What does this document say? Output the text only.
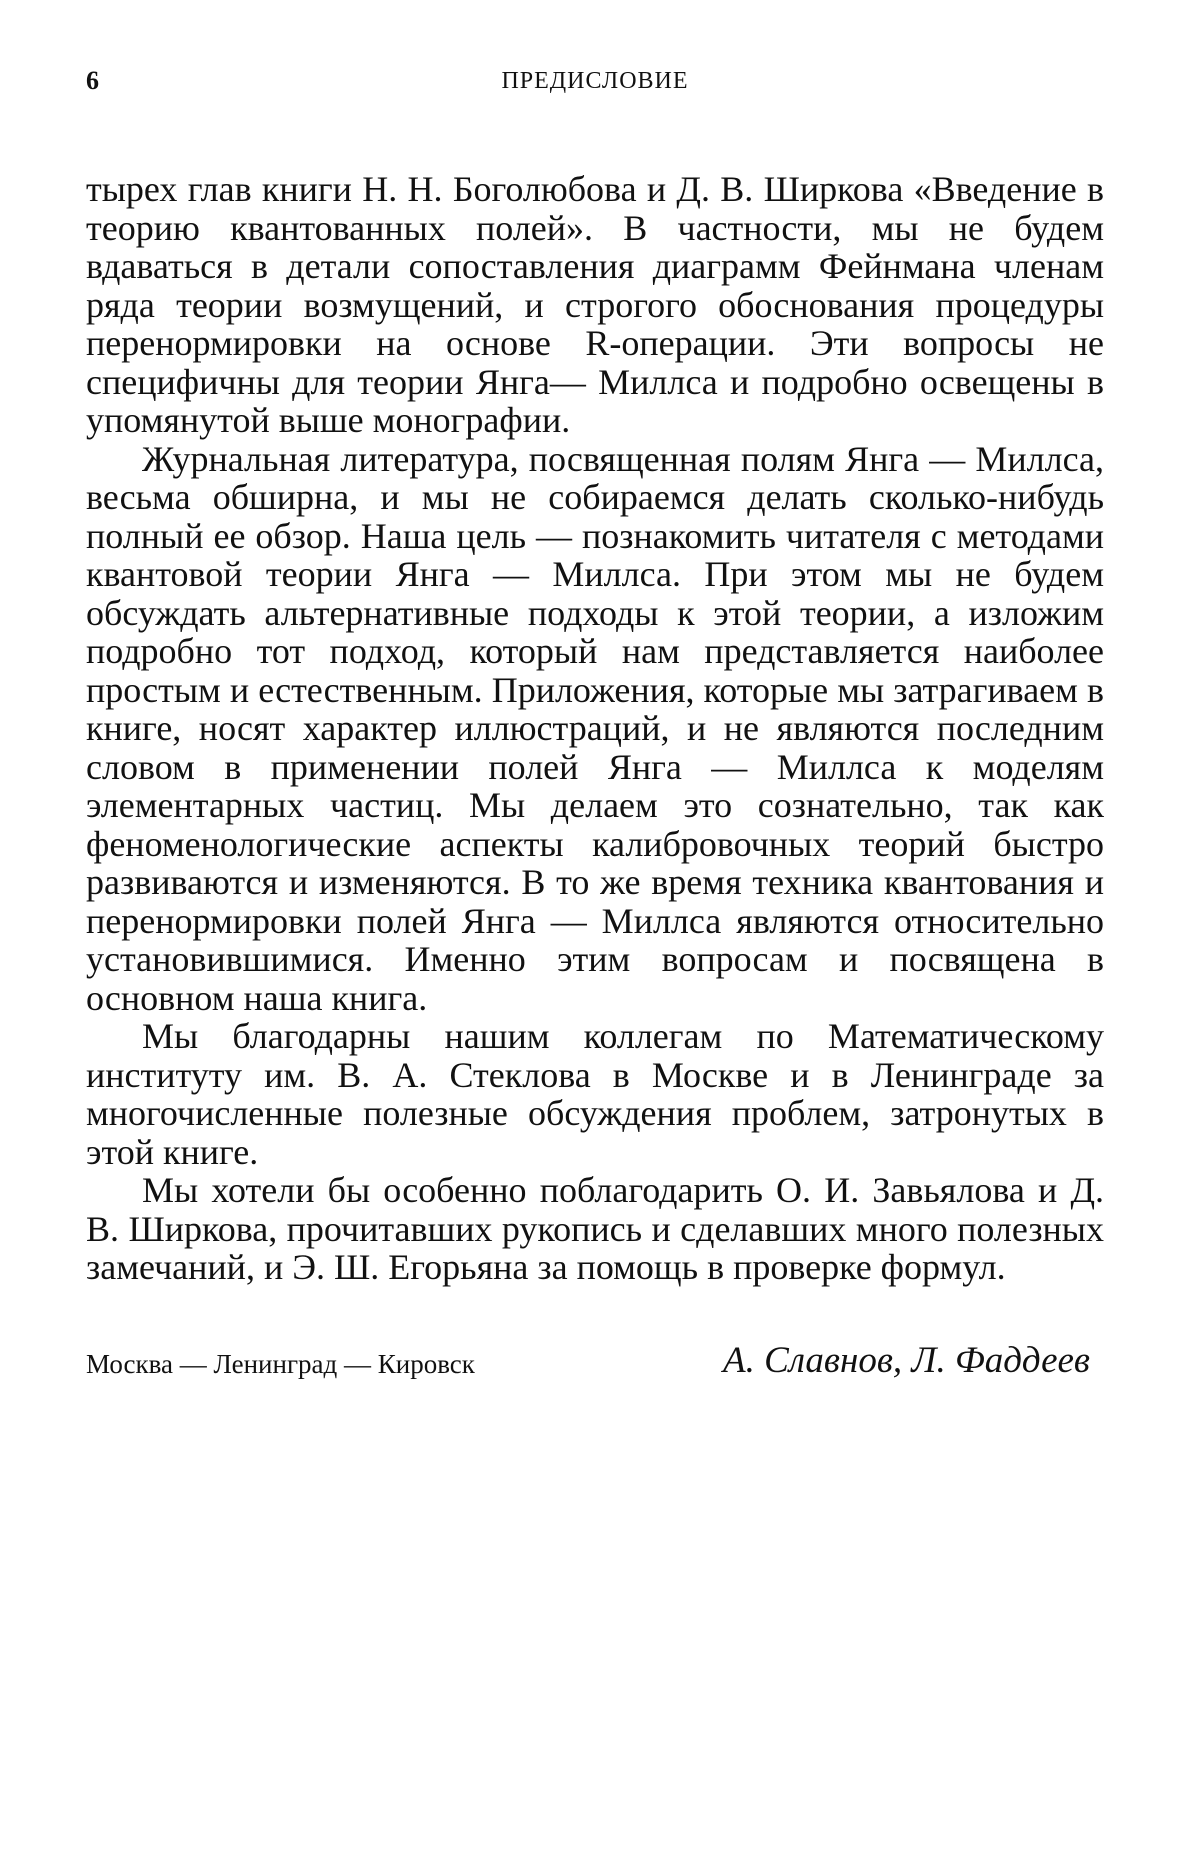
6	ПРЕДИСЛОВИЕ

тырех глав книги Н. Н. Боголюбова и Д. В. Ширкова «Введение в теорию квантованных полей». В частности, мы не будем вдаваться в детали сопоставления диаграмм Фейнмана членам ряда теории возмущений, и строгого обоснования процедуры перенормировки на основе R-операции. Эти вопросы не специфичны для теории Янга— Миллса и подробно освещены в упомянутой выше монографии.

Журнальная литература, посвященная полям Янга — Миллса, весьма обширна, и мы не собираемся делать сколько-нибудь полный ее обзор. Наша цель — познакомить читателя с методами квантовой теории Янга — Миллса. При этом мы не будем обсуждать альтернативные подходы к этой теории, а изложим подробно тот подход, который нам представляется наиболее простым и естественным. Приложения, которые мы затрагиваем в книге, носят характер иллюстраций, и не являются последним словом в применении полей Янга — Миллса к моделям элементарных частиц. Мы делаем это сознательно, так как феноменологические аспекты калибровочных теорий быстро развиваются и изменяются. В то же время техника квантования и перенормировки полей Янга — Миллса являются относительно установившимися. Именно этим вопросам и посвящена в основном наша книга.

Мы благодарны нашим коллегам по Математическому институту им. В. А. Стеклова в Москве и в Ленинграде за многочисленные полезные обсуждения проблем, затронутых в этой книге.

Мы хотели бы особенно поблагодарить О. И. Завьялова и Д. В. Ширкова, прочитавших рукопись и сделавших много полезных замечаний, и Э. Ш. Егорьяна за помощь в проверке формул.

Москва — Ленинград — Кировск	А. Славнов, Л. Фаддеев
